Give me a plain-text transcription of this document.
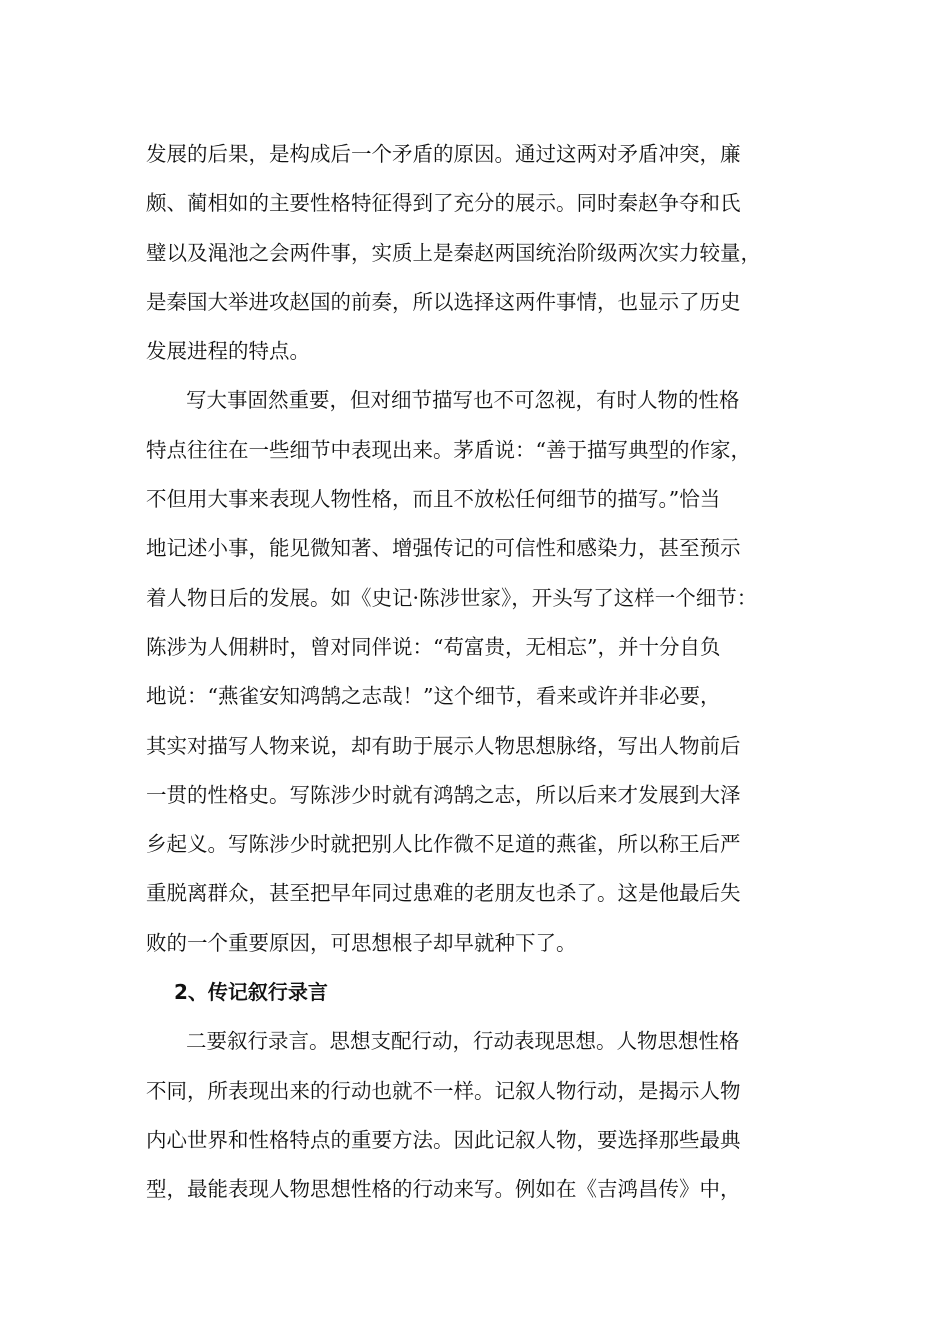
发展的后果，是构成后一个矛盾的原因。通过这两对矛盾冲突，廉
颇、蔺相如的主要性格特征得到了充分的展示。同时秦赵争夺和氏
璧以及渑池之会两件事，实质上是秦赵两国统治阶级两次实力较量，
是秦国大举进攻赵国的前奏，所以选择这两件事情，也显示了历史
发展进程的特点。
写大事固然重要，但对细节描写也不可忽视，有时人物的性格
特点往往在一些细节中表现出来。茅盾说：“善于描写典型的作家，
不但用大事来表现人物性格，而且不放松任何细节的描写。”恰当
地记述小事，能见微知著、增强传记的可信性和感染力，甚至预示
着人物日后的发展。如《史记·陈涉世家》，开头写了这样一个细节：
陈涉为人佣耕时，曾对同伴说：“苟富贵，无相忘”，并十分自负
地说：“燕雀安知鸿鹄之志哉！”这个细节，看来或许并非必要，
其实对描写人物来说，却有助于展示人物思想脉络，写出人物前后
一贯的性格史。写陈涉少时就有鸿鹄之志，所以后来才发展到大泽
乡起义。写陈涉少时就把别人比作微不足道的燕雀，所以称王后严
重脱离群众，甚至把早年同过患难的老朋友也杀了。这是他最后失
败的一个重要原因，可思想根子却早就种下了。
2、传记叙行录言
二要叙行录言。思想支配行动，行动表现思想。人物思想性格
不同，所表现出来的行动也就不一样。记叙人物行动，是揭示人物
内心世界和性格特点的重要方法。因此记叙人物，要选择那些最典
型，最能表现人物思想性格的行动来写。例如在《吉鸿昌传》中，
